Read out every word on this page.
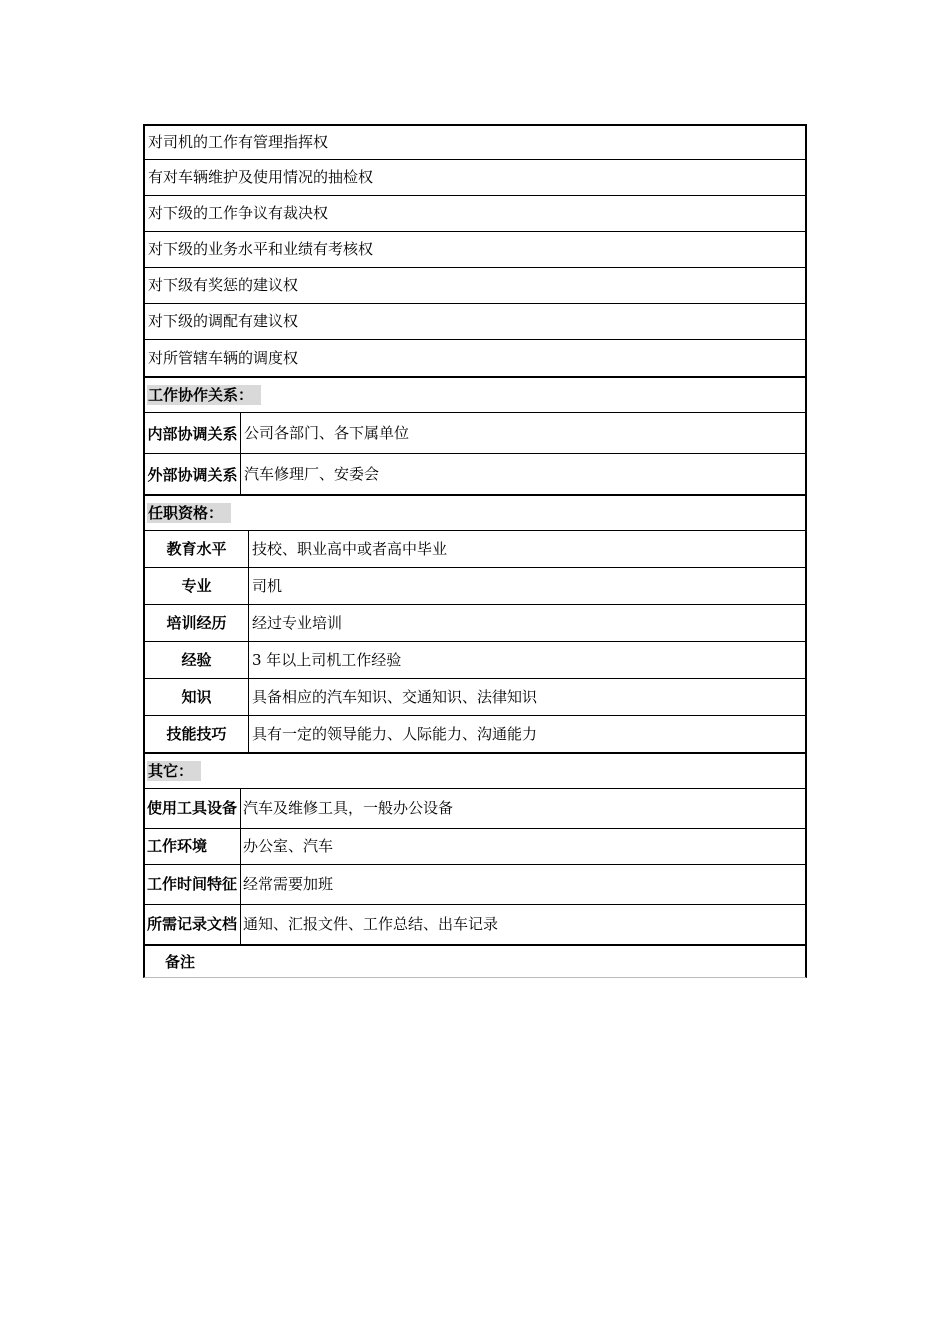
对司机的工作有管理指挥权
有对车辆维护及使用情况的抽检权
对下级的工作争议有裁决权
对下级的业务水平和业绩有考核权
对下级有奖惩的建议权
对下级的调配有建议权
对所管辖车辆的调度权
工作协作关系：
内部协调关系 公司各部门、各下属单位
外部协调关系 汽车修理厂、安委会
任职资格：
教育水平	技校、职业高中或者高中毕业
专业	司机
培训经历	经过专业培训
经验	3 年以上司机工作经验
知识	具备相应的汽车知识、交通知识、法律知识
技能技巧	具有一定的领导能力、人际能力、沟通能力
其它：
使用工具设备 汽车及维修工具，一般办公设备
工作环境	办公室、汽车
工作时间特征 经常需要加班
所需记录文档 通知、汇报文件、工作总结、出车记录
备注
